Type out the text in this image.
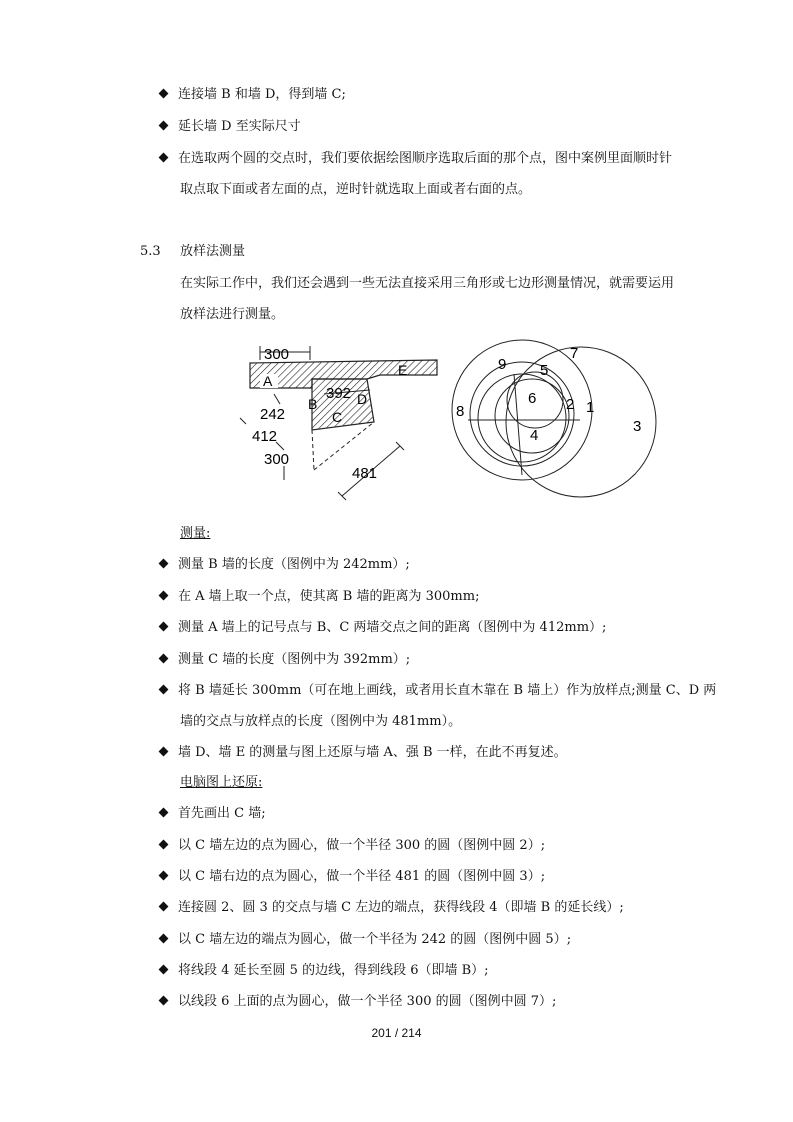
连接墙 B 和墙 D，得到墙 C;
延长墙 D 至实际尺寸
在选取两个圆的交点时，我们要依据绘图顺序选取后面的那个点，图中案例里面顺时针
取点取下面或者左面的点，逆时针就选取上面或者右面的点。
5.3 放样法测量
在实际工作中，我们还会遇到一些无法直接采用三角形或七边形测量情况，就需要运用
放样法进行测量。
300
E
A
392
B	D
C
242
412
300
481
1
2
3
4
5
6
7
8
9
测量:
测量 B 墙的长度（图例中为 242mm）;
在 A 墙上取一个点，使其离 B 墙的距离为 300mm;
测量 A 墙上的记号点与 B、C 两墙交点之间的距离（图例中为 412mm）;
测量 C 墙的长度（图例中为 392mm）;
将 B 墙延长 300mm（可在地上画线，或者用长直木靠在 B 墙上）作为放样点;测量 C、D 两
墙的交点与放样点的长度（图例中为 481mm）。
墙 D、墙 E 的测量与图上还原与墙 A、强 B 一样，在此不再复述。
电脑图上还原:
首先画出 C 墙;
以 C 墙左边的点为圆心，做一个半径 300 的圆（图例中圆 2）;
以 C 墙右边的点为圆心，做一个半径 481 的圆（图例中圆 3）;
连接圆 2、圆 3 的交点与墙 C 左边的端点，获得线段 4（即墙 B 的延长线）;
以 C 墙左边的端点为圆心，做一个半径为 242 的圆（图例中圆 5）;
将线段 4 延长至圆 5 的边线，得到线段 6（即墙 B）;
以线段 6 上面的点为圆心，做一个半径 300 的圆（图例中圆 7）;
201 / 214
